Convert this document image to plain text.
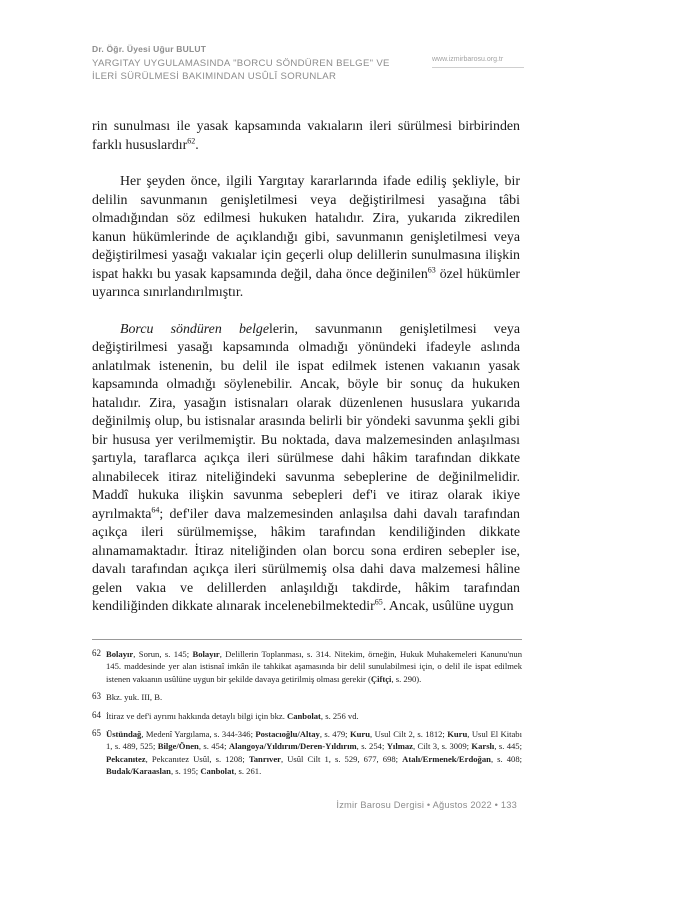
Dr. Öğr. Üyesi Uğur BULUT
YARGITAY UYGULAMASINDA "BORCU SÖNDÜREN BELGE" VE
İLERİ SÜRÜLMESİ BAKIMINDAN USÛLÎ SORUNLAR
www.izmirbarosu.org.tr

rin sunulması ile yasak kapsamında vakıaların ileri sürülmesi birbirinden farklı hususlardır$^{62}$.

Her şeyden önce, ilgili Yargıtay kararlarında ifade ediliş şekliyle, bir delilin savunmanın genişletilmesi veya değiştirilmesi yasağına tâbi olmadığından söz edilmesi hukuken hatalıdır. Zira, yukarıda zikredilen kanun hükümlerinde de açıklandığı gibi, savunmanın genişletilmesi veya değiştirilmesi yasağı vakıalar için geçerli olup delillerin sunulmasına ilişkin ispat hakkı bu yasak kapsamında değil, daha önce değinilen$^{63}$ özel hükümler uyarınca sınırlandırılmıştır.

Borcu söndüren belgelerin, savunmanın genişletilmesi veya değiştirilmesi yasağı kapsamında olmadığı yönündeki ifadeyle aslında anlatılmak istenenin, bu delil ile ispat edilmek istenen vakıanın yasak kapsamında olmadığı söylenebilir. Ancak, böyle bir sonuç da hukuken hatalıdır. Zira, yasağın istisnaları olarak düzenlenen hususlara yukarıda değinilmiş olup, bu istisnalar arasında belirli bir yöndeki savunma şekli gibi bir hususa yer verilmemiştir. Bu noktada, dava malzemesinden anlaşılması şartıyla, taraflarca açıkça ileri sürülmese dahi hâkim tarafından dikkate alınabilecek itiraz niteliğindeki savunma sebeplerine de değinilmelidir. Maddî hukuka ilişkin savunma sebepleri def'i ve itiraz olarak ikiye ayrılmakta$^{64}$; def'iler dava malzemesinden anlaşılsa dahi davalı tarafından açıkça ileri sürülmemişse, hâkim tarafından kendiliğinden dikkate alınamamaktadır. İtiraz niteliğinden olan borcu sona erdiren sebepler ise, davalı tarafından açıkça ileri sürülmemiş olsa dahi dava malzemesi hâline gelen vakıa ve delillerden anlaşıldığı takdirde, hâkim tarafından kendiliğinden dikkate alınarak incelenebilmektedir$^{65}$. Ancak, usûlüne uygun

62 Bolayır, Sorun, s. 145; Bolayır, Delillerin Toplanması, s. 314. Nitekim, örneğin, Hukuk Muhakemeleri Kanunu'nun 145. maddesinde yer alan istisnaî imkân ile tahkikat aşamasında bir delil sunulabilmesi için, o delil ile ispat edilmek istenen vakıanın usûlüne uygun bir şekilde davaya getirilmiş olması gerekir (Çiftçi, s. 290).
63 Bkz. yuk. III, B.
64 İtiraz ve def'i ayrımı hakkında detaylı bilgi için bkz. Canbolat, s. 256 vd.
65 Üstündağ, Medenî Yargılama, s. 344-346; Postacıoğlu/Altay, s. 479; Kuru, Usul Cilt 2, s. 1812; Kuru, Usul El Kitabı 1, s. 489, 525; Bilge/Önen, s. 454; Alangoya/Yıldırım/Deren-Yıldırım, s. 254; Yılmaz, Cilt 3, s. 3009; Karslı, s. 445; Pekcanıtez, Pekcanıtez Usûl, s. 1208; Tanrıver, Usûl Cilt 1, s. 529, 677, 698; Atalı/Ermenek/Erdoğan, s. 408; Budak/Karaaslan, s. 195; Canbolat, s. 261.
İzmir Barosu Dergisi • Ağustos 2022 • 133
